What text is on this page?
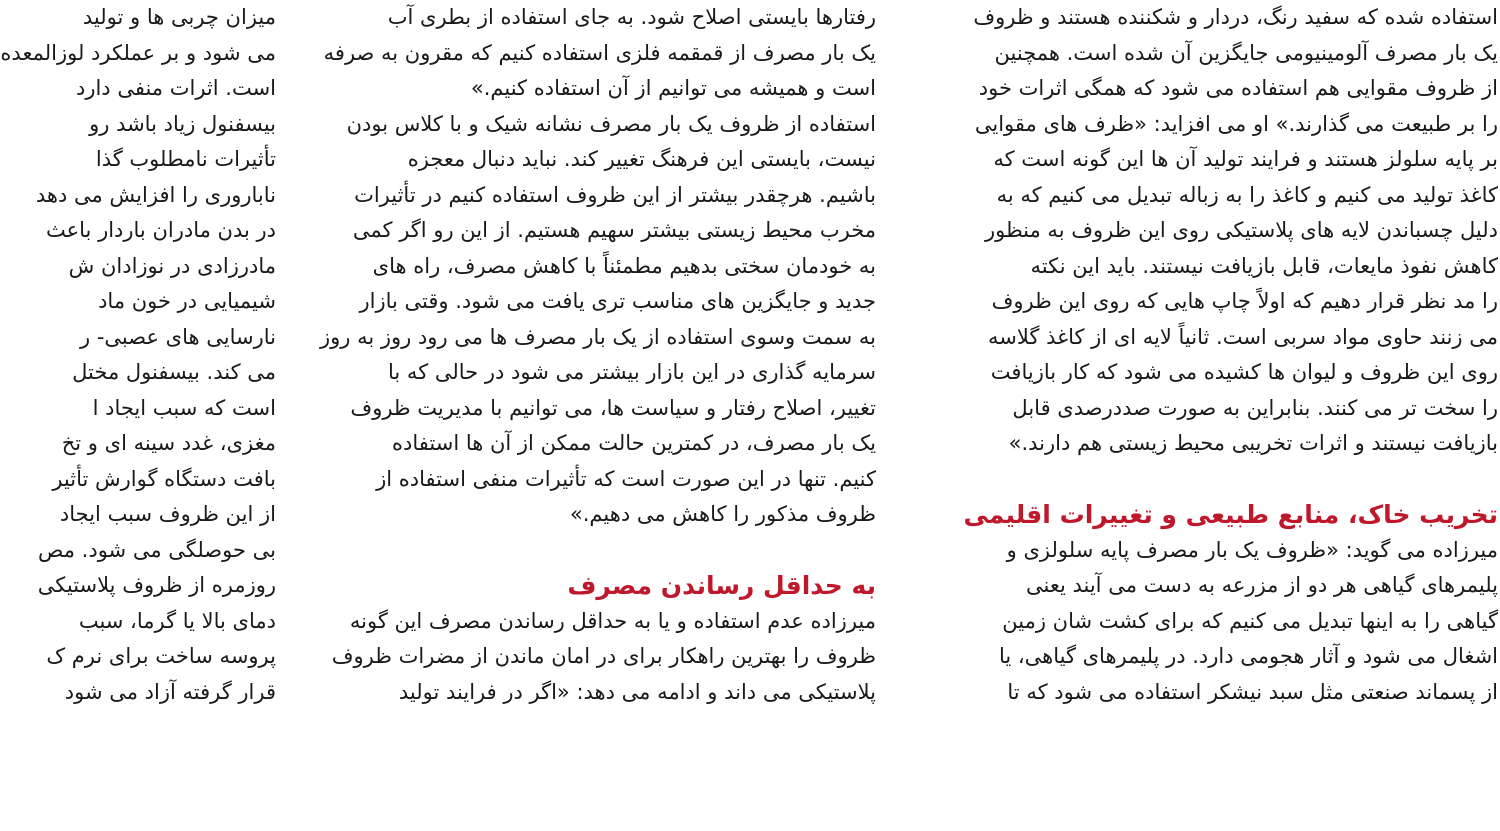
استفاده شده که سفید رنگ، دردار و شکننده هستند و ظروف
یک بار مصرف آلومینیومی جایگزین آن شده است. همچنین
از ظروف مقوایی هم استفاده می شود که همگی اثرات خود
را بر طبیعت می گذارند.» او می افزاید: «ظرف های مقوایی
بر پایه سلولز هستند و فرایند تولید آن ها این گونه است که
کاغذ تولید می کنیم و کاغذ را به زباله تبدیل می کنیم که به
دلیل چسباندن لایه های پلاستیکی روی این ظروف به منظور
کاهش نفوذ مایعات، قابل بازیافت نیستند. باید این نکته
را مد نظر قرار دهیم که اولاً چاپ هایی که روی این ظروف
می زنند حاوی مواد سربی است. ثانیاً لایه ای از کاغذ گلاسه
روی این ظروف و لیوان ها کشیده می شود که کار بازیافت
را سخت تر می کنند. بنابراین به صورت صددرصدی قابل
بازیافت نیستند و اثرات تخریبی محیط زیستی هم دارند.»
تخریب خاک، منابع طبیعی و تغییرات اقلیمی
میرزاده می گوید: «ظروف یک بار مصرف پایه سلولزی و
پلیمرهای گیاهی هر دو از مزرعه به دست می آیند یعنی
گیاهی را به اینها تبدیل می کنیم که برای کشت شان زمین
اشغال می شود و آثار هجومی دارد. در پلیمرهای گیاهی، یا
از پسماند صنعتی مثل سبد نیشکر استفاده می شود که تا
رفتارها بایستی اصلاح شود. به جای استفاده از بطری آب
یک بار مصرف از قمقمه فلزی استفاده کنیم که مقرون به صرفه
است و همیشه می توانیم از آن استفاده کنیم.»
استفاده از ظروف یک بار مصرف نشانه شیک و با کلاس بودن
نیست، بایستی این فرهنگ تغییر کند. نباید دنبال معجزه
باشیم. هرچقدر بیشتر از این ظروف استفاده کنیم در تأثیرات
مخرب محیط زیستی بیشتر سهیم هستیم. از این رو اگر کمی
به خودمان سختی بدهیم مطمئناً با کاهش مصرف، راه های
جدید و جایگزین های مناسب تری یافت می شود. وقتی بازار
به سمت وسوی استفاده از یک بار مصرف ها می رود روز به روز
سرمایه گذاری در این بازار بیشتر می شود در حالی که با
تغییر، اصلاح رفتار و سیاست ها، می توانیم با مدیریت ظروف
یک بار مصرف، در کمترین حالت ممکن از آن ها استفاده
کنیم. تنها در این صورت است که تأثیرات منفی استفاده از
ظروف مذکور را کاهش می دهیم.»
به حداقل رساندن مصرف
میرزاده عدم استفاده و یا به حداقل رساندن مصرف این گونه
ظروف را بهترین راهکار برای در امان ماندن از مضرات ظروف
پلاستیکی می داند و ادامه می دهد: «اگر در فرایند تولید
میزان چربی ها و تولید
می شود و بر عملکرد لوزالمعده
است. اثرات منفی دارد
بیسفنول زیاد باشد رو
تأثیرات نامطلوب گذا
ناباروری را افزایش می دهد
در بدن مادران باردار باعث
مادرزادی در نوزادان ش
شیمیایی در خون ماد
نارسایی های عصبی- ر
می کند. بیسفنول مختل
است که سبب ایجاد ا
مغزی، غدد سینه ای و تخ
بافت دستگاه گوارش تأثیر
از این ظروف سبب ایجاد
بی حوصلگی می شود. مص
روزمره از ظروف پلاستیکی
دمای بالا یا گرما، سبب
پروسه ساخت برای نرم ک
قرار گرفته آزاد می شود
